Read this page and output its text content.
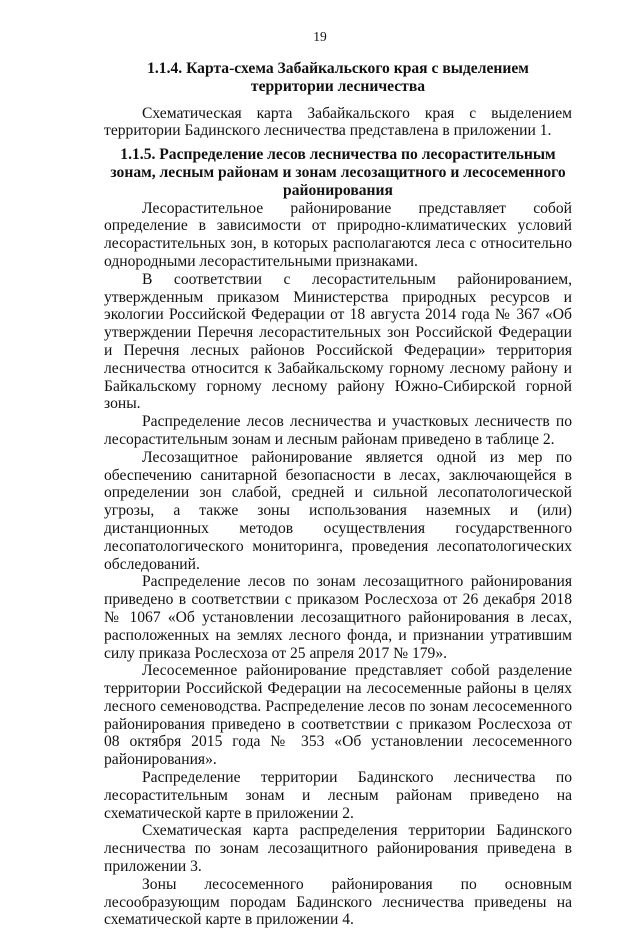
19

1.1.4. Карта-схема Забайкальского края с выделением территории лесничества

Схематическая карта Забайкальского края с выделением территории Бадинского лесничества представлена в приложении 1.

1.1.5. Распределение лесов лесничества по лесорастительным зонам, лесным районам и зонам лесозащитного и лесосеменного районирования

Лесорастительное районирование представляет собой определение в зависимости от природно-климатических условий лесорастительных зон, в которых располагаются леса с относительно однородными лесорастительными признаками.

В соответствии с лесорастительным районированием, утвержденным приказом Министерства природных ресурсов и экологии Российской Федерации от 18 августа 2014 года № 367 «Об утверждении Перечня лесорастительных зон Российской Федерации и Перечня лесных районов Российской Федерации» территория лесничества относится к Забайкальскому горному лесному району и Байкальскому горному лесному району Южно-Сибирской горной зоны.

Распределение лесов лесничества и участковых лесничеств по лесорастительным зонам и лесным районам приведено в таблице 2.

Лесозащитное районирование является одной из мер по обеспечению санитарной безопасности в лесах, заключающейся в определении зон слабой, средней и сильной лесопатологической угрозы, а также зоны использования наземных и (или) дистанционных методов осуществления государственного лесопатологического мониторинга, проведения лесопатологических обследований.

Распределение лесов по зонам лесозащитного районирования приведено в соответствии с приказом Рослесхоза от 26 декабря 2018 № 1067 «Об установлении лесозащитного районирования в лесах, расположенных на землях лесного фонда, и признании утратившим силу приказа Рослесхоза от 25 апреля 2017 № 179».

Лесосеменное районирование представляет собой разделение территории Российской Федерации на лесосеменные районы в целях лесного семеноводства. Распределение лесов по зонам лесосеменного районирования приведено в соответствии с приказом Рослесхоза от 08 октября 2015 года № 353 «Об установлении лесосеменного районирования».

Распределение территории Бадинского лесничества по лесорастительным зонам и лесным районам приведено на схематической карте в приложении 2.

Схематическая карта распределения территории Бадинского лесничества по зонам лесозащитного районирования приведена в приложении 3.

Зоны лесосеменного районирования по основным лесообразующим породам Бадинского лесничества приведены на схематической карте в приложении 4.
